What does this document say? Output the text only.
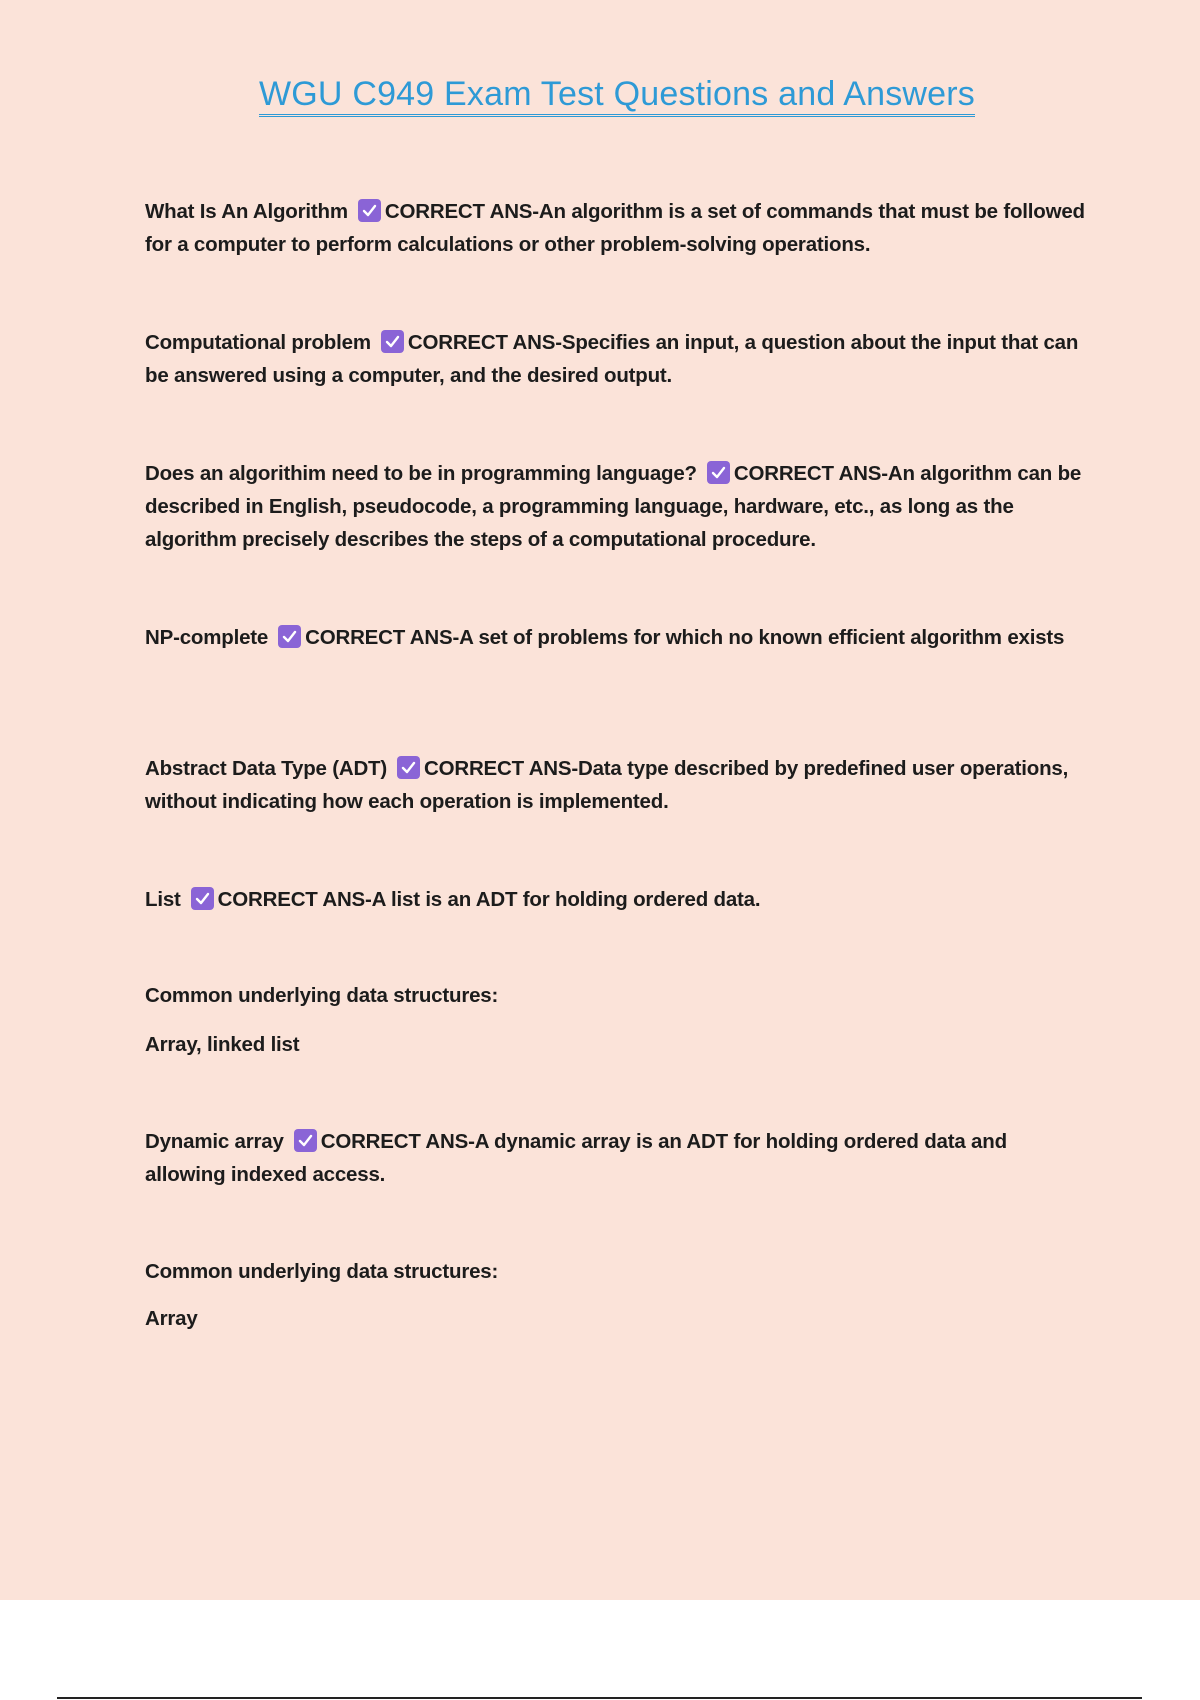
WGU C949 Exam Test Questions and Answers

What Is An Algorithm CORRECT ANS-An algorithm is a set of commands that must be followed for a computer to perform calculations or other problem-solving operations.

Computational problem CORRECT ANS-Specifies an input, a question about the input that can be answered using a computer, and the desired output.

Does an algorithim need to be in programming language? CORRECT ANS-An algorithm can be described in English, pseudocode, a programming language, hardware, etc., as long as the algorithm precisely describes the steps of a computational procedure.

NP-complete CORRECT ANS-A set of problems for which no known efficient algorithm exists

Abstract Data Type (ADT) CORRECT ANS-Data type described by predefined user operations, without indicating how each operation is implemented.

List CORRECT ANS-A list is an ADT for holding ordered data.

Common underlying data structures:

Array, linked list

Dynamic array CORRECT ANS-A dynamic array is an ADT for holding ordered data and allowing indexed access.

Common underlying data structures:

Array
